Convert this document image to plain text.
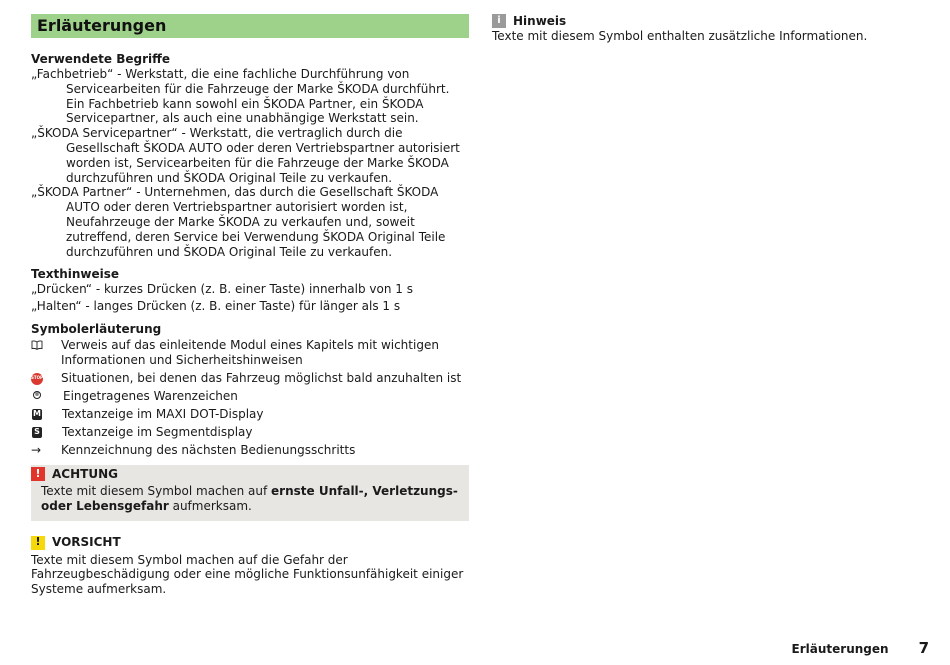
Erläuterungen
Verwendete Begriffe

„Fachbetrieb“ - Werkstatt, die eine fachliche Durchführung von Servicearbeiten für die Fahrzeuge der Marke ŠKODA durchführt. Ein Fachbetrieb kann sowohl ein ŠKODA Partner, ein ŠKODA Servicepartner, als auch eine unabhängige Werkstatt sein.

„ŠKODA Servicepartner“ - Werkstatt, die vertraglich durch die Gesellschaft ŠKODA AUTO oder deren Vertriebspartner autorisiert worden ist, Servicearbeiten für die Fahrzeuge der Marke ŠKODA durchzuführen und ŠKODA Original Teile zu verkaufen.

„ŠKODA Partner“ - Unternehmen, das durch die Gesellschaft ŠKODA AUTO oder deren Vertriebspartner autorisiert worden ist, Neufahrzeuge der Marke ŠKODA zu verkaufen und, soweit zutreffend, deren Service bei Verwendung ŠKODA Original Teile durchzuführen und ŠKODA Original Teile zu verkaufen.

Texthinweise

„Drücken“ - kurzes Drücken (z. B. einer Taste) innerhalb von 1 s

„Halten“ - langes Drücken (z. B. einer Taste) für länger als 1 s

Symbolerläuterung
Verweis auf das einleitende Modul eines Kapitels mit wichtigen Informationen und Sicherheitshinweisen
STOP Situationen, bei denen das Fahrzeug möglichst bald anzuhalten ist
® Eingetragenes Warenzeichen
M Textanzeige im MAXI DOT-Display
S Textanzeige im Segmentdisplay
→ Kennzeichnung des nächsten Bedienungsschritts
! ACHTUNG
Texte mit diesem Symbol machen auf ernste Unfall-, Verletzungs- oder Lebensgefahr aufmerksam.
! VORSICHT
Texte mit diesem Symbol machen auf die Gefahr der Fahrzeugbeschädigung oder eine mögliche Funktionsunfähigkeit einiger Systeme aufmerksam.
i	Hinweis
Texte mit diesem Symbol enthalten zusätzliche Informationen.
Erläuterungen 7
